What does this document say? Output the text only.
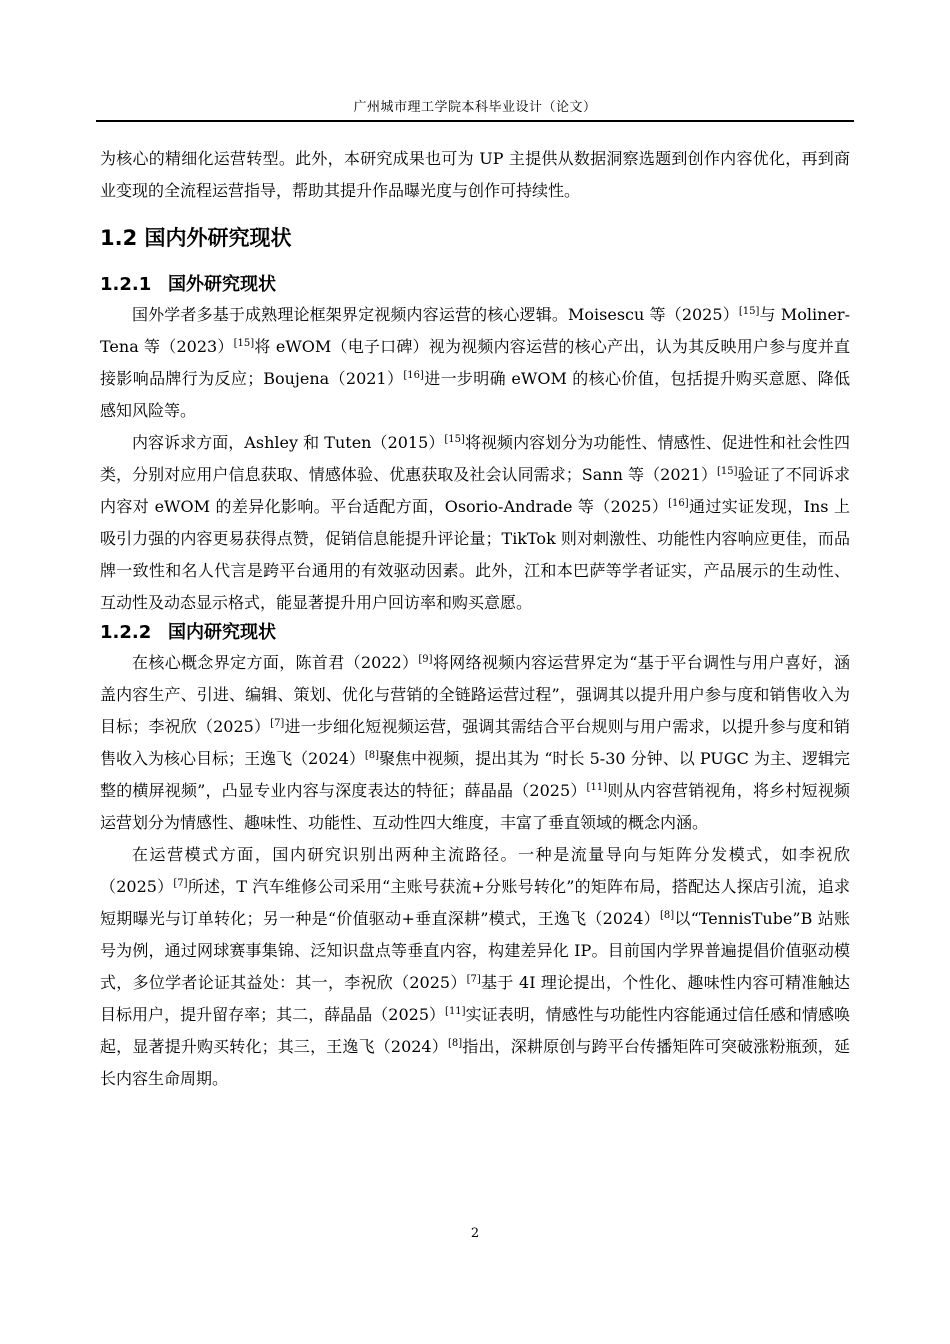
广州城市理工学院本科毕业设计（论文）

为核心的精细化运营转型。此外，本研究成果也可为 UP 主提供从数据洞察选题到创作内容优化，再到商业变现的全流程运营指导，帮助其提升作品曝光度与创作可持续性。

1.2 国内外研究现状
1.2.1 国外研究现状

国外学者多基于成熟理论框架界定视频内容运营的核心逻辑。Moisescu 等（2025）[15]与 Moliner-Tena 等（2023）[15]将 eWOM（电子口碑）视为视频内容运营的核心产出，认为其反映用户参与度并直接影响品牌行为反应；Boujena（2021）[16]进一步明确 eWOM 的核心价值，包括提升购买意愿、降低感知风险等。

内容诉求方面，Ashley 和 Tuten（2015）[15]将视频内容划分为功能性、情感性、促进性和社会性四类，分别对应用户信息获取、情感体验、优惠获取及社会认同需求；Sann 等（2021）[15]验证了不同诉求内容对 eWOM 的差异化影响。平台适配方面，Osorio-Andrade 等（2025）[16]通过实证发现，Ins 上吸引力强的内容更易获得点赞，促销信息能提升评论量；TikTok 则对刺激性、功能性内容响应更佳，而品牌一致性和名人代言是跨平台通用的有效驱动因素。此外，江和本巴萨等学者证实，产品展示的生动性、互动性及动态显示格式，能显著提升用户回访率和购买意愿。

1.2.2 国内研究现状

在核心概念界定方面，陈首君（2022）[9]将网络视频内容运营界定为“基于平台调性与用户喜好，涵盖内容生产、引进、编辑、策划、优化与营销的全链路运营过程”，强调其以提升用户参与度和销售收入为目标；李祝欣（2025）[7]进一步细化短视频运营，强调其需结合平台规则与用户需求，以提升参与度和销售收入为核心目标；王逸飞（2024）[8]聚焦中视频，提出其为 “时长 5-30 分钟、以 PUGC 为主、逻辑完整的横屏视频”，凸显专业内容与深度表达的特征；薛晶晶（2025）[11]则从内容营销视角，将乡村短视频运营划分为情感性、趣味性、功能性、互动性四大维度，丰富了垂直领域的概念内涵。

在运营模式方面，国内研究识别出两种主流路径。一种是流量导向与矩阵分发模式，如李祝欣（2025）[7]所述，T 汽车维修公司采用“主账号获流+分账号转化”的矩阵布局，搭配达人探店引流，追求短期曝光与订单转化；另一种是“价值驱动+垂直深耕”模式，王逸飞（2024）[8]以“TennisTube”B 站账号为例，通过网球赛事集锦、泛知识盘点等垂直内容，构建差异化 IP。目前国内学界普遍提倡价值驱动模式，多位学者论证其益处：其一，李祝欣（2025）[7]基于 4I 理论提出，个性化、趣味性内容可精准触达目标用户，提升留存率；其二，薛晶晶（2025）[11]实证表明，情感性与功能性内容能通过信任感和情感唤起，显著提升购买转化；其三，王逸飞（2024）[8]指出，深耕原创与跨平台传播矩阵可突破涨粉瓶颈，延长内容生命周期。

2
